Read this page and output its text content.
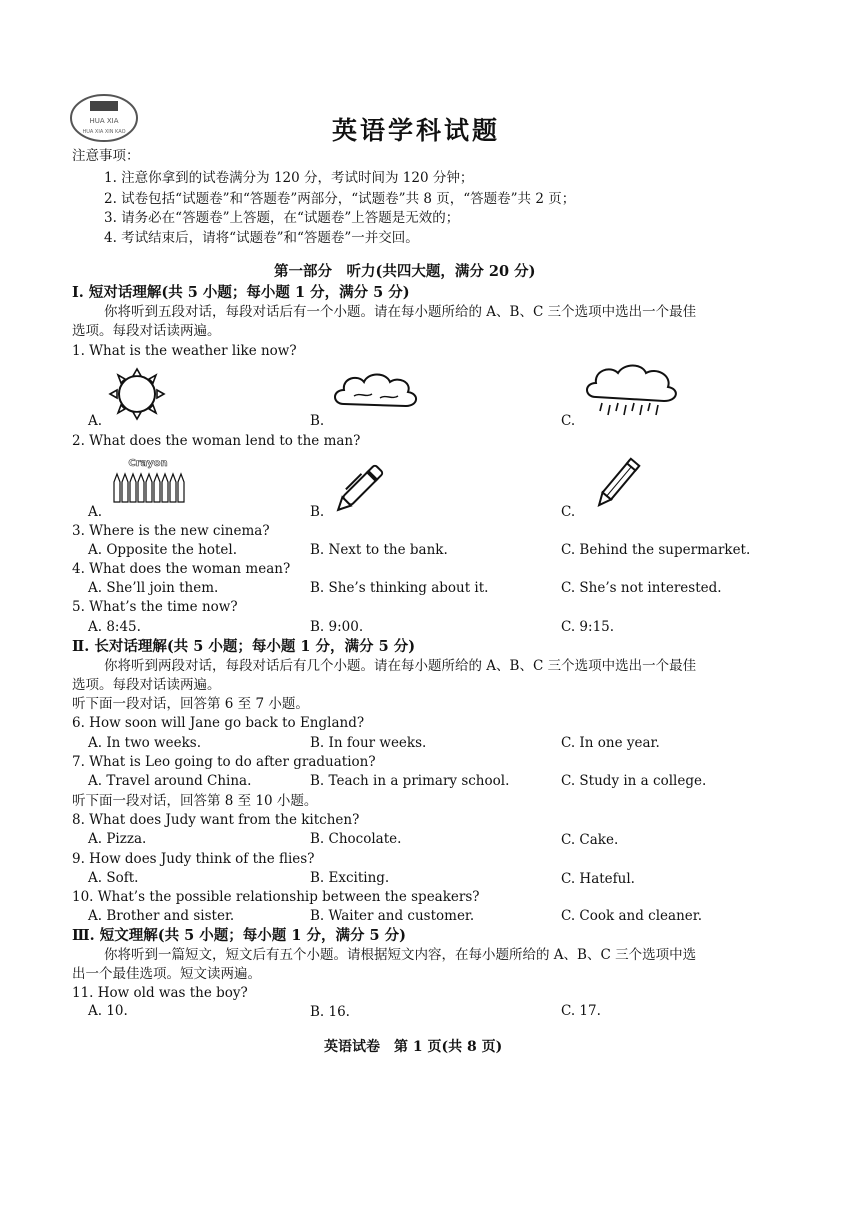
HUA XIA
HUA XIA XIN KAO	英语学科试题
注意事项：
1. 注意你拿到的试卷满分为 120 分，考试时间为 120 分钟；
2. 试卷包括“试题卷”和“答题卷”两部分，“试题卷”共 8 页，“答题卷”共 2 页；
3. 请务必在“答题卷”上答题，在“试题卷”上答题是无效的；
4. 考试结束后，请将“试题卷”和“答题卷”一并交回。
第一部分　听力(共四大题，满分 20 分)
Ⅰ. 短对话理解(共 5 小题；每小题 1 分，满分 5 分)
你将听到五段对话，每段对话后有一个小题。请在每小题所给的 A、B、C 三个选项中选出一个最佳
选项。每段对话读两遍。
1. What is the weather like now?
A.	B.	C.
2. What does the woman lend to the man?
Crayon
A.	B.	C.
3. Where is the new cinema?
A. Opposite the hotel.	B. Next to the bank.	C. Behind the supermarket.
4. What does the woman mean?
A. She’ll join them.	B. She’s thinking about it.	C. She’s not interested.
5. What’s the time now?
A. 8:45.	B. 9:00.	C. 9:15.
Ⅱ. 长对话理解(共 5 小题；每小题 1 分，满分 5 分)
你将听到两段对话，每段对话后有几个小题。请在每小题所给的 A、B、C 三个选项中选出一个最佳
选项。每段对话读两遍。
听下面一段对话，回答第 6 至 7 小题。
6. How soon will Jane go back to England?
A. In two weeks.	B. In four weeks.	C. In one year.
7. What is Leo going to do after graduation?
A. Travel around China.	B. Teach in a primary school.	C. Study in a college.
听下面一段对话，回答第 8 至 10 小题。
8. What does Judy want from the kitchen?
A. Pizza.	B. Chocolate.	C. Cake.
9. How does Judy think of the flies?
A. Soft.	B. Exciting.	C. Hateful.
10. What’s the possible relationship between the speakers?
A. Brother and sister.	B. Waiter and customer.	C. Cook and cleaner.
Ⅲ. 短文理解(共 5 小题；每小题 1 分，满分 5 分)
你将听到一篇短文，短文后有五个小题。请根据短文内容，在每小题所给的 A、B、C 三个选项中选
出一个最佳选项。短文读两遍。
11. How old was the boy?
A. 10.	B. 16.	C. 17.
英语试卷　第 1 页(共 8 页)
